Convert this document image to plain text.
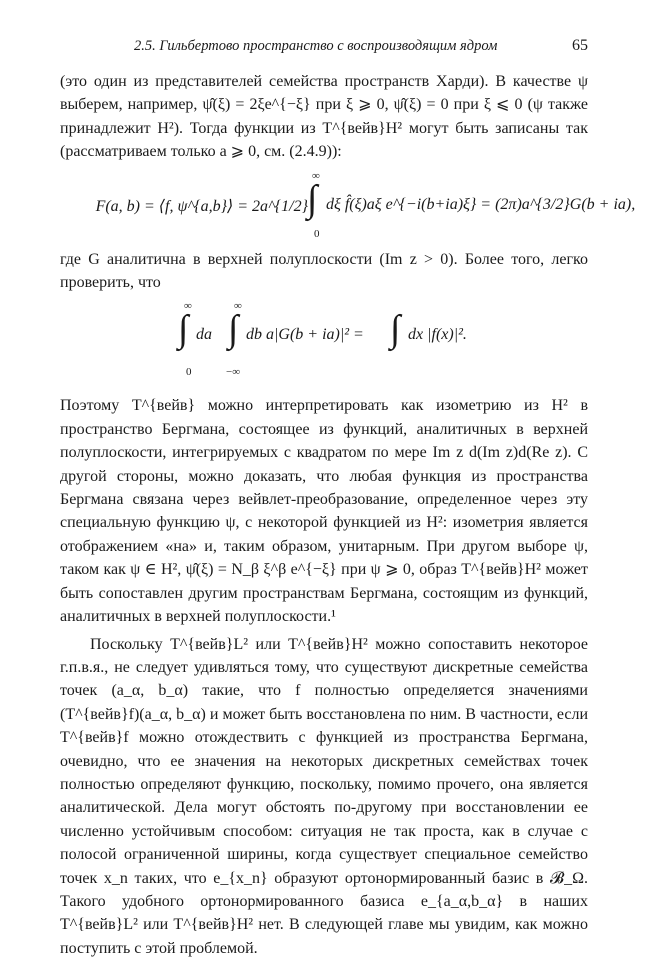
2.5. Гильбертово пространство с воспроизводящим ядром	65

(это один из представителей семейства пространств Харди). В качестве ψ выберем, например, ψ̂(ξ) = 2ξe^{−ξ} при ξ ⩾ 0, ψ̂(ξ) = 0 при ξ ⩽ 0 (ψ также принадлежит H²). Тогда функции из T^{вейв}H² могут быть записаны так (рассматриваем только a ⩾ 0, см. (2.4.9)):

∞
∫
0
F(a, b) = ⟨f, ψ^{a,b}⟩ = 2a^{1/2} dξ f̂(ξ)aξ e^{−i(b+ia)ξ} = (2π)a^{3/2}G(b + ia),

где G аналитична в верхней полуплоскости (Im z > 0). Более того, легко проверить, что

∞
∫
0
da
∞
∫
−∞
db a|G(b + ia)|² = ∫ dx |f(x)|².

Поэтому T^{вейв} можно интерпретировать как изометрию из H² в пространство Бергмана, состоящее из функций, аналитичных в верхней полуплоскости, интегрируемых с квадратом по мере Im z d(Im z)d(Re z). С другой стороны, можно доказать, что любая функция из пространства Бергмана связана через вейвлет-преобразование, определенное через эту специальную функцию ψ, с некоторой функцией из H²: изометрия является отображением «на» и, таким образом, унитарным. При другом выборе ψ, таком как ψ ∈ H², ψ̂(ξ) = N_β ξ^β e^{−ξ} при ψ ⩾ 0, образ T^{вейв}H² может быть сопоставлен другим пространствам Бергмана, состоящим из функций, аналитичных в верхней полуплоскости.¹

Поскольку T^{вейв}L² или T^{вейв}H² можно сопоставить некоторое г.п.в.я., не следует удивляться тому, что существуют дискретные семейства точек (a_α, b_α) такие, что f полностью определяется значениями (T^{вейв}f)(a_α, b_α) и может быть восстановлена по ним. В частности, если T^{вейв}f можно отождествить с функцией из пространства Бергмана, очевидно, что ее значения на некоторых дискретных семействах точек полностью определяют функцию, поскольку, помимо прочего, она является аналитической. Дела могут обстоять по-другому при восстановлении ее численно устойчивым способом: ситуация не так проста, как в случае с полосой ограниченной ширины, когда существует специальное семейство точек x_n таких, что e_{x_n} образуют ортонормированный базис в 𝓑_Ω. Такого удобного ортонормированного базиса e_{a_α,b_α} в наших T^{вейв}L² или T^{вейв}H² нет. В следующей главе мы увидим, как можно поступить с этой проблемой.
